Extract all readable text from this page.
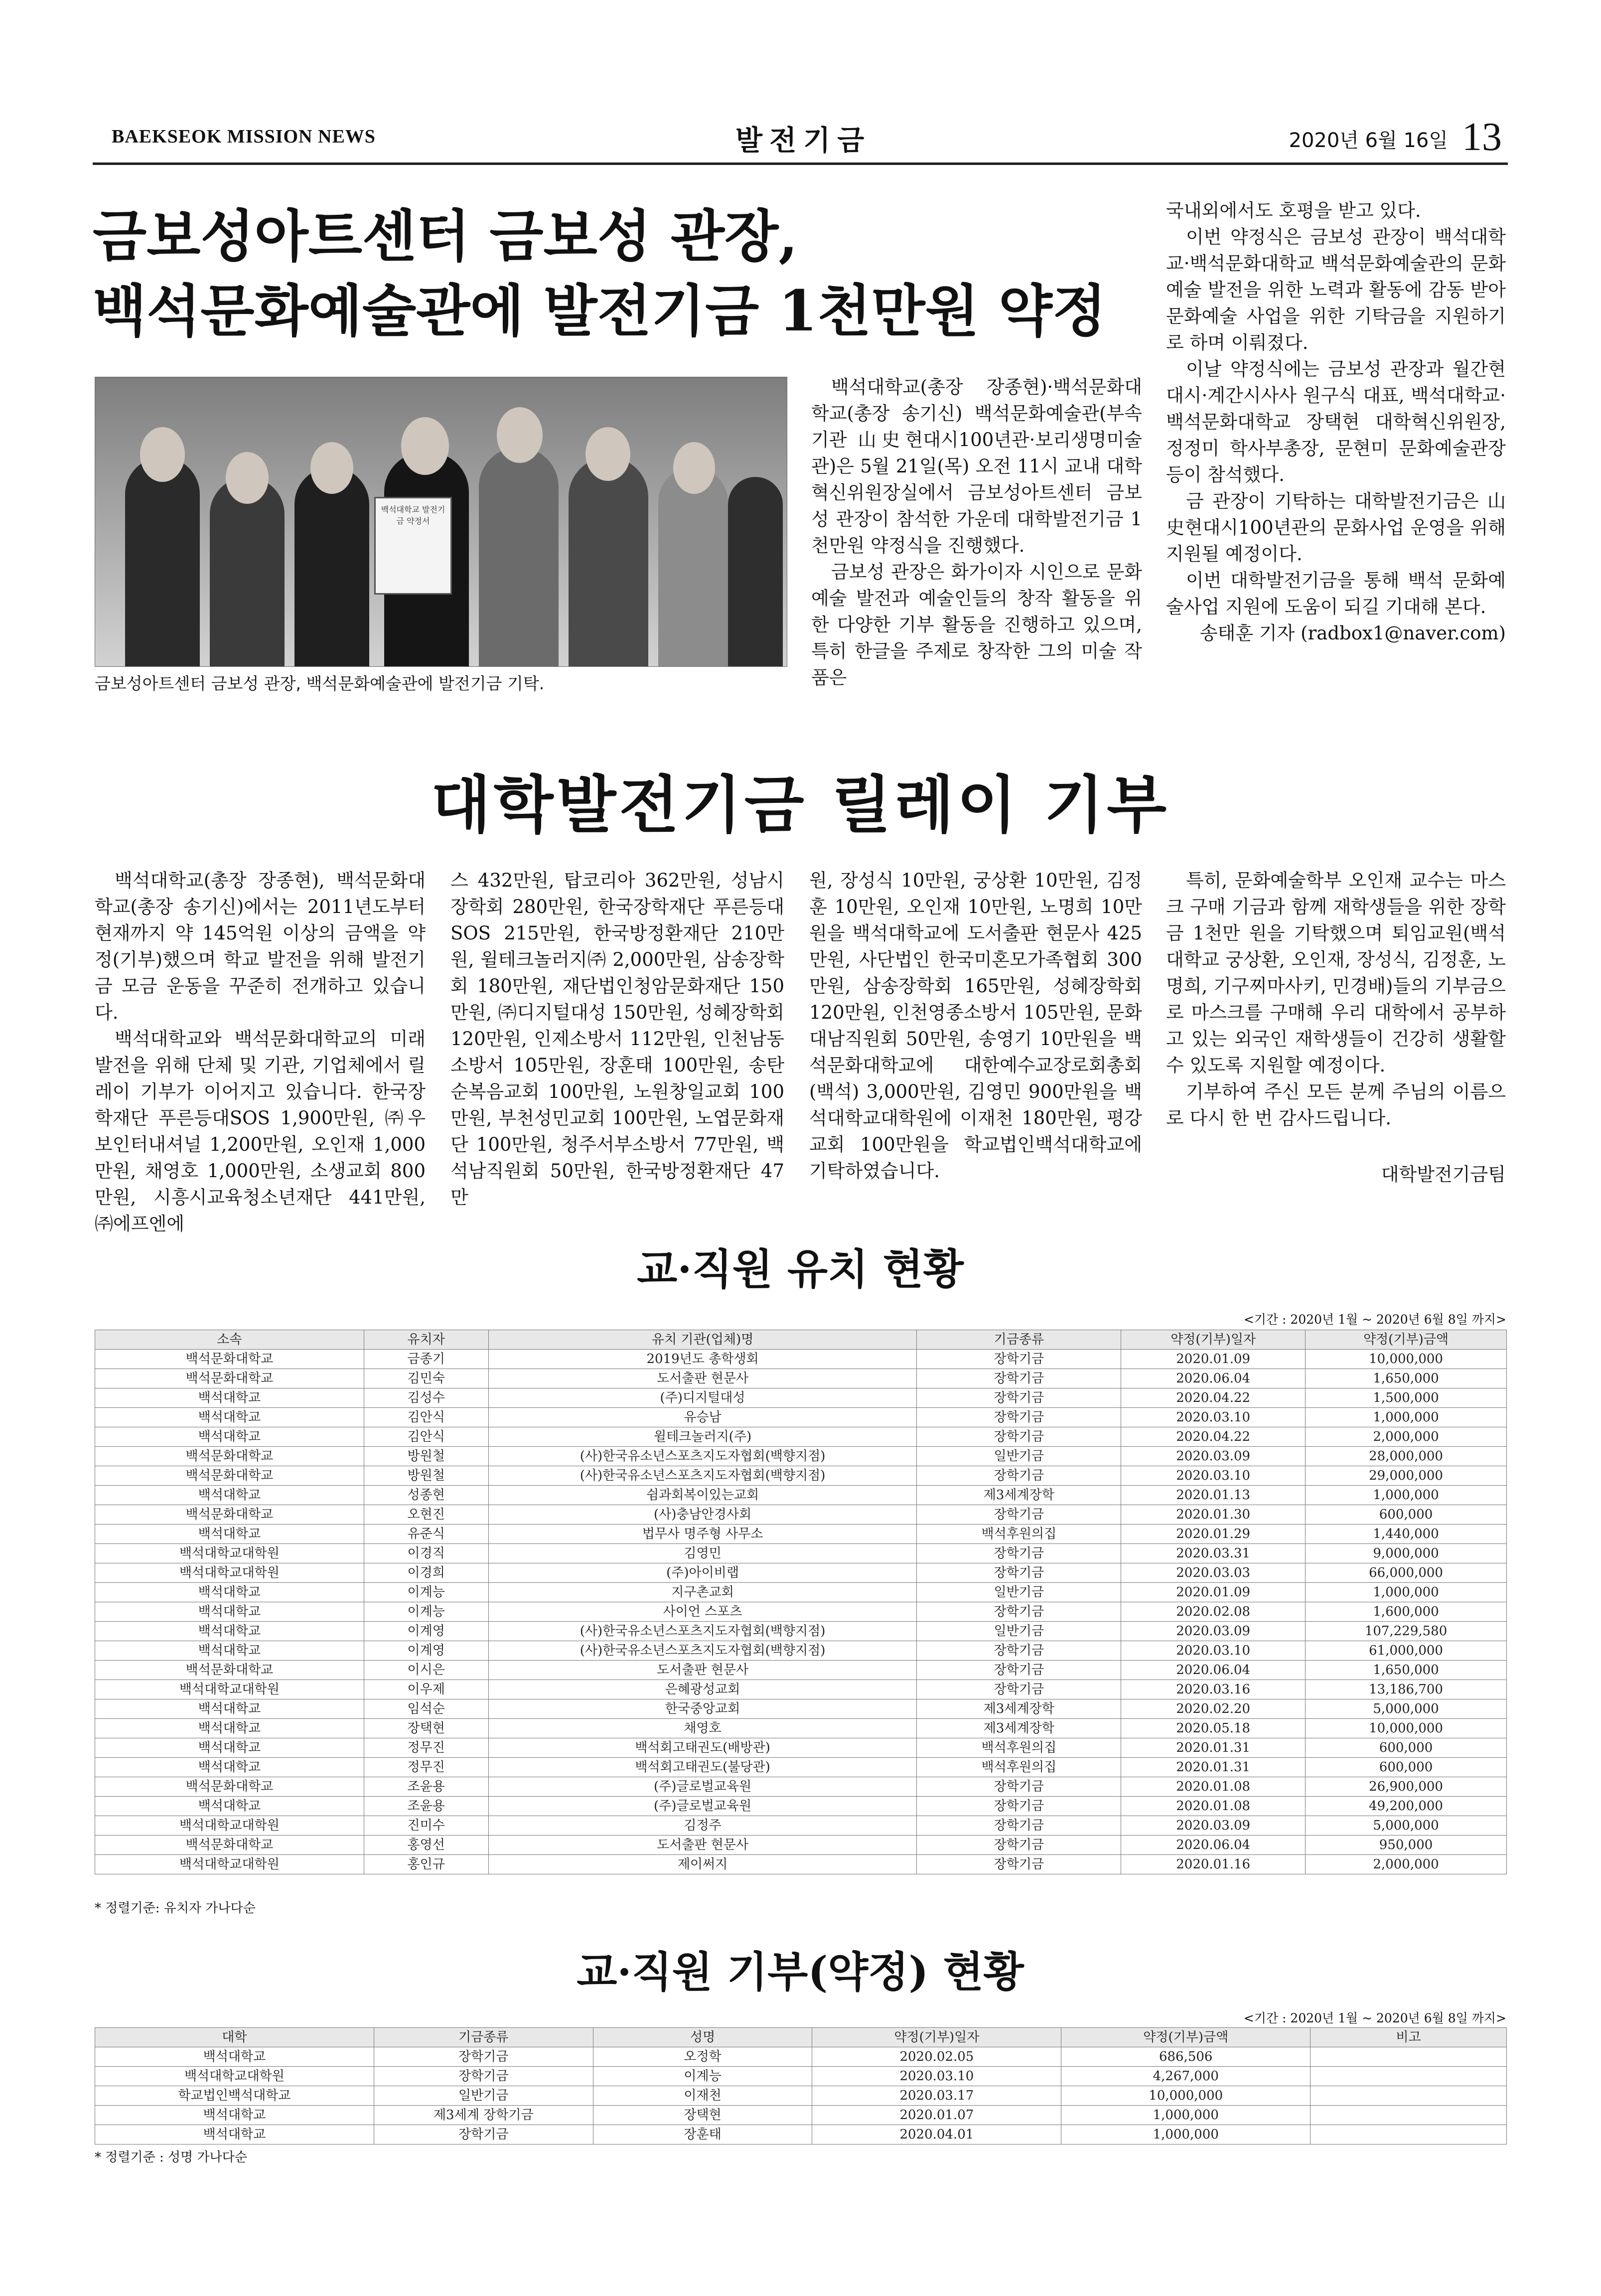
BAEKSEOK MISSION NEWS	발전기금	2020년 6월 16일 13
금보성아트센터 금보성 관장,
백석문화예술관에 발전기금 1천만원 약정
백석대학교 발전기금 약정서
금보성아트센터 금보성 관장, 백석문화예술관에 발전기금 기탁.

백석대학교(총장 장종현)·백석문화대학교(총장 송기신) 백석문화예술관(부속기관 山史현대시100년관·보리생명미술관)은 5월 21일(목) 오전 11시 교내 대학혁신위원장실에서 금보성아트센터 금보성 관장이 참석한 가운데 대학발전기금 1천만원 약정식을 진행했다.

금보성 관장은 화가이자 시인으로 문화예술 발전과 예술인들의 창작 활동을 위한 다양한 기부 활동을 진행하고 있으며, 특히 한글을 주제로 창작한 그의 미술 작품은

국내외에서도 호평을 받고 있다.

이번 약정식은 금보성 관장이 백석대학교·백석문화대학교 백석문화예술관의 문화예술 발전을 위한 노력과 활동에 감동 받아 문화예술 사업을 위한 기탁금을 지원하기로 하며 이뤄졌다.

이날 약정식에는 금보성 관장과 월간현대시·계간시사사 원구식 대표, 백석대학교·백석문화대학교 장택현 대학혁신위원장, 정정미 학사부총장, 문현미 문화예술관장 등이 참석했다.

금 관장이 기탁하는 대학발전기금은 山史현대시100년관의 문화사업 운영을 위해 지원될 예정이다.

이번 대학발전기금을 통해 백석 문화예술사업 지원에 도움이 되길 기대해 본다.

송태훈 기자 (radbox1@naver.com)

대학발전기금 릴레이 기부

백석대학교(총장 장종현), 백석문화대학교(총장 송기신)에서는 2011년도부터 현재까지 약 145억원 이상의 금액을 약정(기부)했으며 학교 발전을 위해 발전기금 모금 운동을 꾸준히 전개하고 있습니다.

백석대학교와 백석문화대학교의 미래 발전을 위해 단체 및 기관, 기업체에서 릴레이 기부가 이어지고 있습니다. 한국장학재단 푸른등대SOS 1,900만원, ㈜우보인터내셔널 1,200만원, 오인재 1,000만원, 채영호 1,000만원, 소생교회 800만원, 시흥시교육청소년재단 441만원, ㈜에프엔에

스 432만원, 탑코리아 362만원, 성남시장학회 280만원, 한국장학재단 푸른등대SOS 215만원, 한국방정환재단 210만원, 윌테크놀러지㈜ 2,000만원, 삼송장학회 180만원, 재단법인청암문화재단 150만원, ㈜디지털대성 150만원, 성혜장학회 120만원, 인제소방서 112만원, 인천남동소방서 105만원, 장훈태 100만원, 송탄순복음교회 100만원, 노원창일교회 100만원, 부천성민교회 100만원, 노엽문화재단 100만원, 청주서부소방서 77만원, 백석남직원회 50만원, 한국방정환재단 47만

원, 장성식 10만원, 궁상환 10만원, 김정훈 10만원, 오인재 10만원, 노명희 10만원을 백석대학교에 도서출판 현문사 425만원, 사단법인 한국미혼모가족협회 300만원, 삼송장학회 165만원, 성혜장학회 120만원, 인천영종소방서 105만원, 문화대남직원회 50만원, 송영기 10만원을 백석문화대학교에 대한예수교장로회총회(백석) 3,000만원, 김영민 900만원을 백석대학교대학원에 이재천 180만원, 평강교회 100만원을 학교법인백석대학교에 기탁하였습니다.

특히, 문화예술학부 오인재 교수는 마스크 구매 기금과 함께 재학생들을 위한 장학금 1천만 원을 기탁했으며 퇴임교원(백석대학교 궁상환, 오인재, 장성식, 김정훈, 노명희, 기구찌마사키, 민경배)들의 기부금으로 마스크를 구매해 우리 대학에서 공부하고 있는 외국인 재학생들이 건강히 생활할 수 있도록 지원할 예정이다.

기부하여 주신 모든 분께 주님의 이름으로 다시 한 번 감사드립니다.

대학발전기금팀

교·직원 유치 현황
<기간 : 2020년 1월 ~ 2020년 6월 8일 까지>
소속	유치자	유치 기관(업체)명	기금종류	약정(기부)일자	약정(기부)금액
백석문화대학교	금종기	2019년도 총학생회	장학기금	2020.01.09	10,000,000
백석문화대학교	김민숙	도서출판 현문사	장학기금	2020.06.04	1,650,000
백석대학교	김성수	(주)디지털대성	장학기금	2020.04.22	1,500,000
백석대학교	김안식	유승남	장학기금	2020.03.10	1,000,000
백석대학교	김안식	윌테크놀러지(주)	장학기금	2020.04.22	2,000,000
백석문화대학교	방원철	(사)한국유소년스포츠지도자협회(백향지점)	일반기금	2020.03.09	28,000,000
백석문화대학교	방원철	(사)한국유소년스포츠지도자협회(백향지점)	장학기금	2020.03.10	29,000,000
백석대학교	성종현	쉼과회복이있는교회	제3세계장학	2020.01.13	1,000,000
백석문화대학교	오현진	(사)충남안경사회	장학기금	2020.01.30	600,000
백석대학교	유준식	법무사 명주형 사무소	백석후원의집	2020.01.29	1,440,000
백석대학교대학원	이경직	김영민	장학기금	2020.03.31	9,000,000
백석대학교대학원	이경희	(주)아이비랩	장학기금	2020.03.03	66,000,000
백석대학교	이계능	지구촌교회	일반기금	2020.01.09	1,000,000
백석대학교	이계능	사이언 스포츠	장학기금	2020.02.08	1,600,000
백석대학교	이계영	(사)한국유소년스포츠지도자협회(백향지점)	일반기금	2020.03.09	107,229,580
백석대학교	이계영	(사)한국유소년스포츠지도자협회(백향지점)	장학기금	2020.03.10	61,000,000
백석문화대학교	이시은	도서출판 현문사	장학기금	2020.06.04	1,650,000
백석대학교대학원	이우제	은혜광성교회	장학기금	2020.03.16	13,186,700
백석대학교	임석순	한국중앙교회	제3세계장학	2020.02.20	5,000,000
백석대학교	장택현	채영호	제3세계장학	2020.05.18	10,000,000
백석대학교	정무진	백석회고태권도(배방관)	백석후원의집	2020.01.31	600,000
백석대학교	정무진	백석회고태권도(불당관)	백석후원의집	2020.01.31	600,000
백석문화대학교	조윤용	(주)글로벌교육원	장학기금	2020.01.08	26,900,000
백석대학교	조윤용	(주)글로벌교육원	장학기금	2020.01.08	49,200,000
백석대학교대학원	진미수	김정주	장학기금	2020.03.09	5,000,000
백석문화대학교	홍영선	도서출판 현문사	장학기금	2020.06.04	950,000
백석대학교대학원	홍인규	제이써지	장학기금	2020.01.16	2,000,000
* 정렬기준: 유치자 가나다순
교·직원 기부(약정) 현황
<기간 : 2020년 1월 ~ 2020년 6월 8일 까지>
대학	기금종류	성명	약정(기부)일자	약정(기부)금액	비고
백석대학교	장학기금	오정학	2020.02.05	686,506	
백석대학교대학원	장학기금	이계능	2020.03.10	4,267,000	
학교법인백석대학교	일반기금	이재천	2020.03.17	10,000,000	
백석대학교	제3세계 장학기금	장택현	2020.01.07	1,000,000	
백석대학교	장학기금	장훈태	2020.04.01	1,000,000	
* 정렬기준 : 성명 가나다순
